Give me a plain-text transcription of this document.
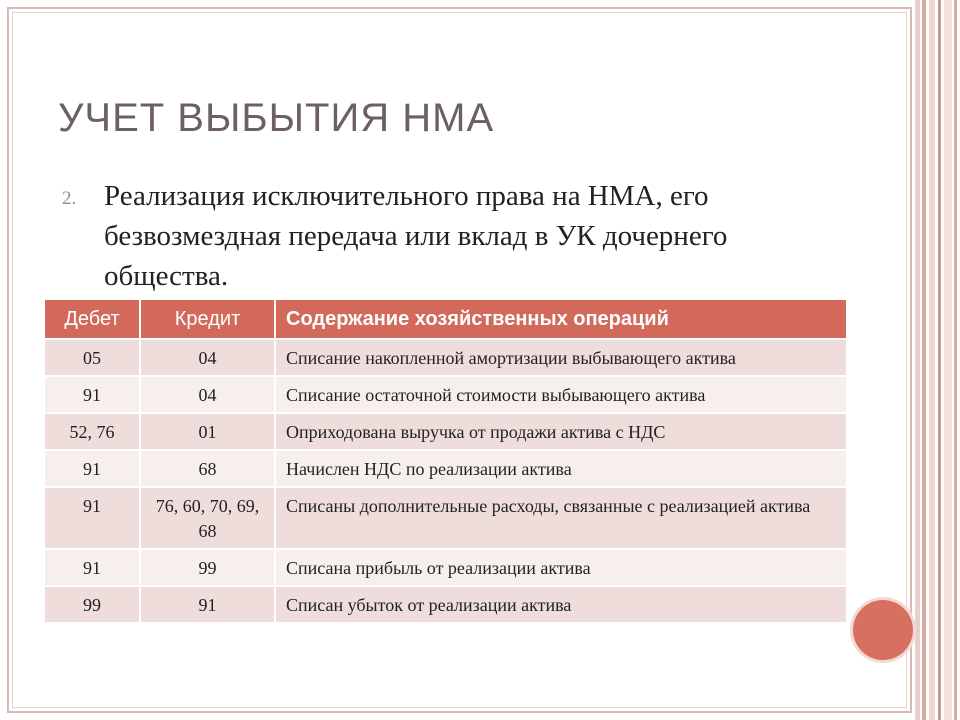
УЧЕТ ВЫБЫТИЯ НМА
2. Реализация исключительного права на НМА, его безвозмездная передача или вклад в УК дочернего общества.
Дебет	Кредит	Содержание хозяйственных операций
05	04	Списание накопленной амортизации выбывающего актива
91	04	Списание остаточной стоимости выбывающего актива
52, 76	01	Оприходована выручка от продажи актива с НДС
91	68	Начислен НДС по реализации актива
91	76, 60, 70, 69, 68	Списаны дополнительные расходы, связанные с реализацией актива
91	99	Списана прибыль от реализации актива
99	91	Списан убыток от реализации актива
